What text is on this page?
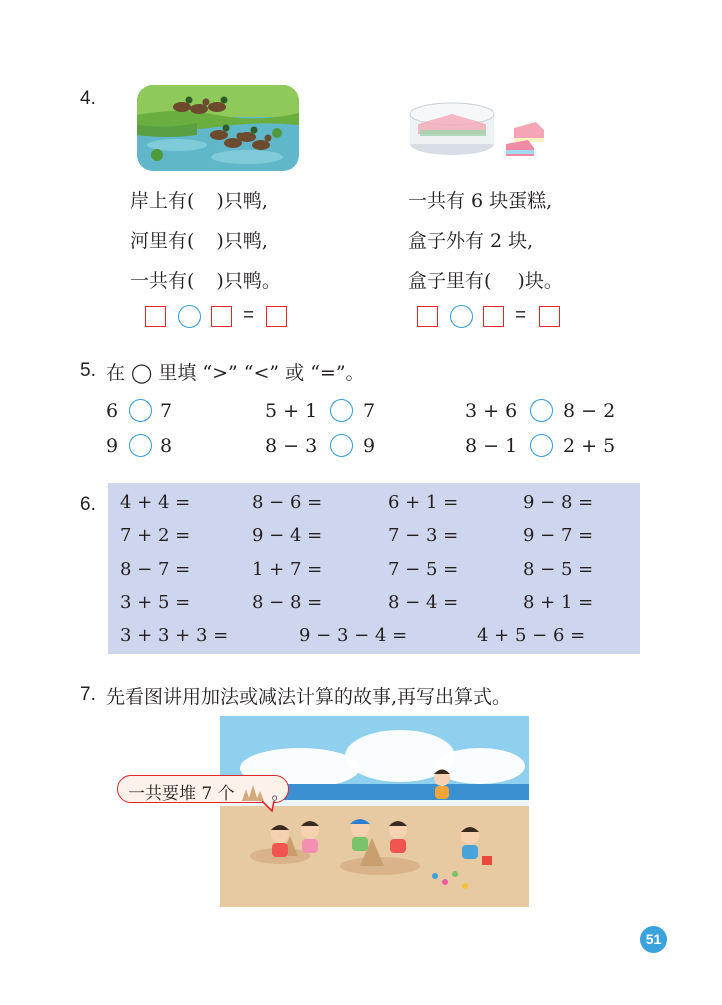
4.
岸上有( )只鸭,
河里有( )只鸭,
一共有( )只鸭。
=
一共有 6 块蛋糕,
盒子外有 2 块,
盒子里有( )块。
=
5. 在 ◯ 里填 “>” “<” 或 “=”。
6 7	5 + 1 7	3 + 6 8 − 2
9 8	8 − 3 9	8 − 1 2 + 5
6. 4 + 4 =	8 − 6 =	6 + 1 =	9 − 8 =
7 + 2 =	9 − 4 =	7 − 3 =	9 − 7 =
8 − 7 =	1 + 7 =	7 − 5 =	8 − 5 =
3 + 5 =	8 − 8 =	8 − 4 =	8 + 1 =
3 + 3 + 3 =	9 − 3 − 4 =	4 + 5 − 6 =
7. 先看图讲用加法或减法计算的故事,再写出算式。
一共要堆 7 个 。
51
